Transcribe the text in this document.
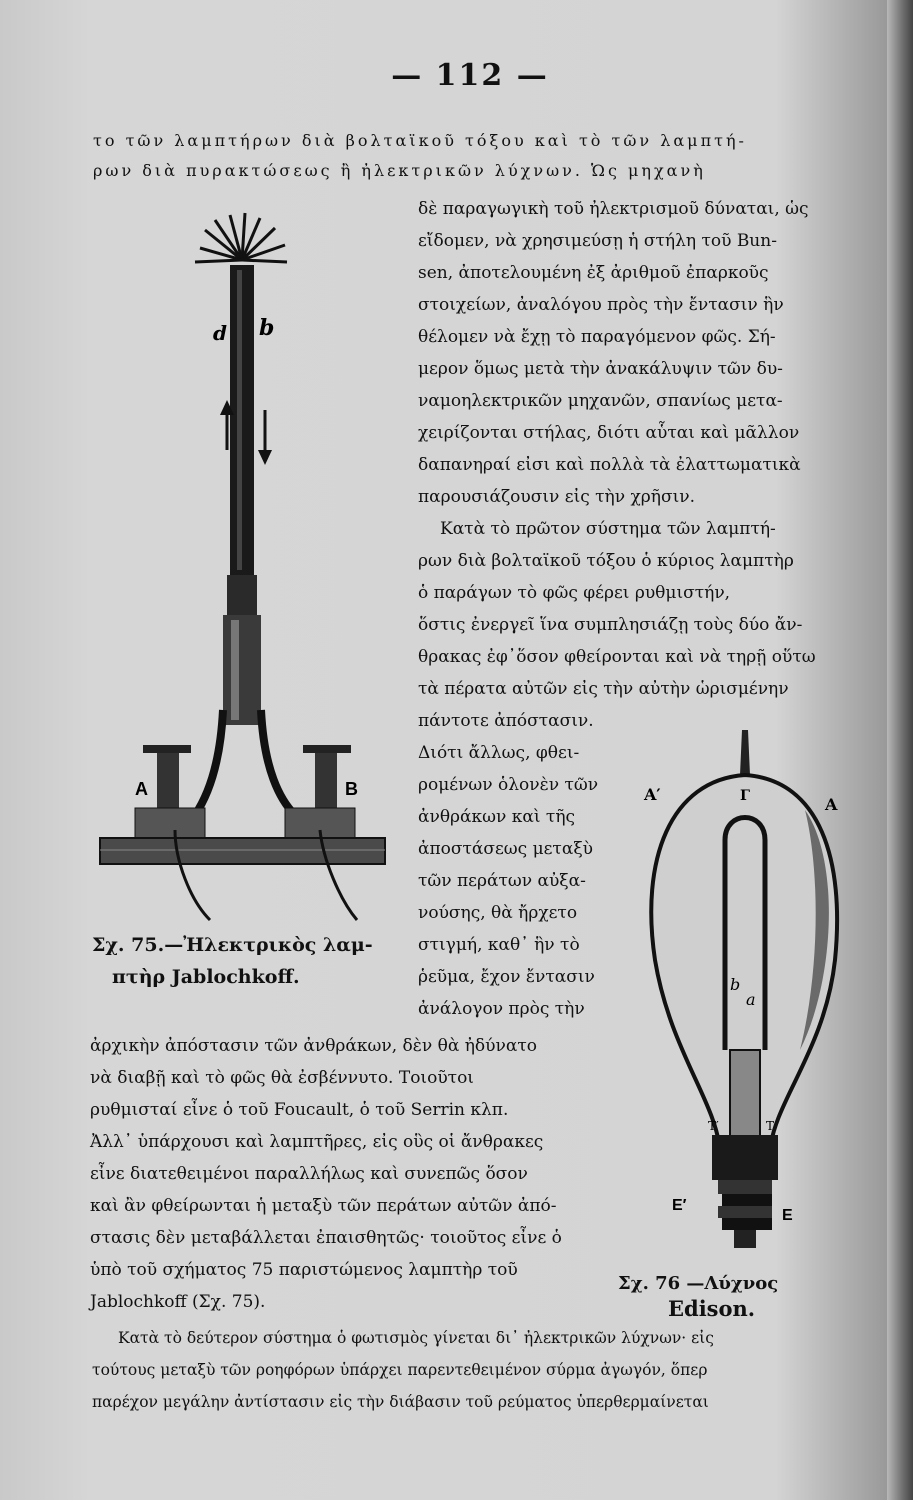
— 112 —
το τῶν λαμπτήρων διὰ βολταϊκοῦ τόξου καὶ τὸ τῶν λαμπτή-
ρων διὰ πυρακτώσεως ἢ ἠλεκτρικῶν λύχνων. Ὡς μηχανὴ
δὲ παραγωγικὴ τοῦ ἠλεκτρισμοῦ δύναται, ὡς
εἴδομεν, νὰ χρησιμεύσῃ ἡ στήλη τοῦ Bun-
sen, ἀποτελουμένη ἐξ ἀριθμοῦ ἐπαρκοῦς
στοιχείων, ἀναλόγου πρὸς τὴν ἔντασιν ἣν
θέλομεν νὰ ἔχῃ τὸ παραγόμενον φῶς. Σή-
μερον ὅμως μετὰ τὴν ἀνακάλυψιν τῶν δυ-
ναμοηλεκτρικῶν μηχανῶν, σπανίως μετα-
χειρίζονται στήλας, διότι αὗται καὶ μᾶλλον
δαπανηραί εἰσι καὶ πολλὰ τὰ ἐλαττωματικὰ
παρουσιάζουσιν εἰς τὴν χρῆσιν.
Κατὰ τὸ πρῶτον σύστημα τῶν λαμπτή-
ρων διὰ βολταϊκοῦ τόξου ὁ κύριος λαμπτὴρ
ὁ παράγων τὸ φῶς φέρει ρυθμιστήν,
ὅστις ἐνεργεῖ ἵνα συμπλησιάζῃ τοὺς δύο ἄν-
θρακας ἐφ᾽ὅσον φθείρονται καὶ νὰ τηρῇ οὕτω
τὰ πέρατα αὐτῶν εἰς τὴν αὐτὴν ὡρισμένην
πάντοτε ἀπόστασιν.
Διότι ἄλλως, φθει-
ρομένων ὁλονὲν τῶν
ἀνθράκων καὶ τῆς
ἀποστάσεως μεταξὺ
τῶν περάτων αὐξα-
νούσης, θὰ ἤρχετο
στιγμή, καθ᾽ ἣν τὸ
ῥεῦμα, ἔχον ἔντασιν
ἀνάλογον πρὸς τὴν
ἀρχικὴν ἀπόστασιν τῶν ἀνθράκων, δὲν θὰ ἠδύνατο
νὰ διαβῇ καὶ τὸ φῶς θὰ ἐσβέννυτο. Τοιοῦτοι
ρυθμισταί εἶνε ὁ τοῦ Foucault, ὁ τοῦ Serrin κλπ.
Ἀλλ᾽ ὑπάρχουσι καὶ λαμπτῆρες, εἰς οὓς οἱ ἄνθρακες
εἶνε διατεθειμένοι παραλλήλως καὶ συνεπῶς ὅσον
καὶ ἂν φθείρωνται ἡ μεταξὺ τῶν περάτων αὐτῶν ἀπό-
στασις δὲν μεταβάλλεται ἐπαισθητῶς· τοιοῦτος εἶνε ὁ
ὑπὸ τοῦ σχήματος 75 παριστώμενος λαμπτὴρ τοῦ
Jablochkoff (Σχ. 75).
Κατὰ τὸ δεύτερον σύστημα ὁ φωτισμὸς γίνεται δι᾽ ἠλεκτρικῶν λύχνων· εἰς
τούτους μεταξὺ τῶν ροηφόρων ὑπάρχει παρεντεθειμένον σύρμα ἀγωγόν, ὅπερ
παρέχον μεγάλην ἀντίστασιν εἰς τὴν διάβασιν τοῦ ρεύματος ὑπερθερμαίνεται
A	B
d b
Σχ. 75.—Ἠλεκτρικὸς λαμ-
πτὴρ Jablochkoff.
A′
A
Γ
b
a
T′	T
E′
E
Σχ. 76 —Λύχνος
Edison.
